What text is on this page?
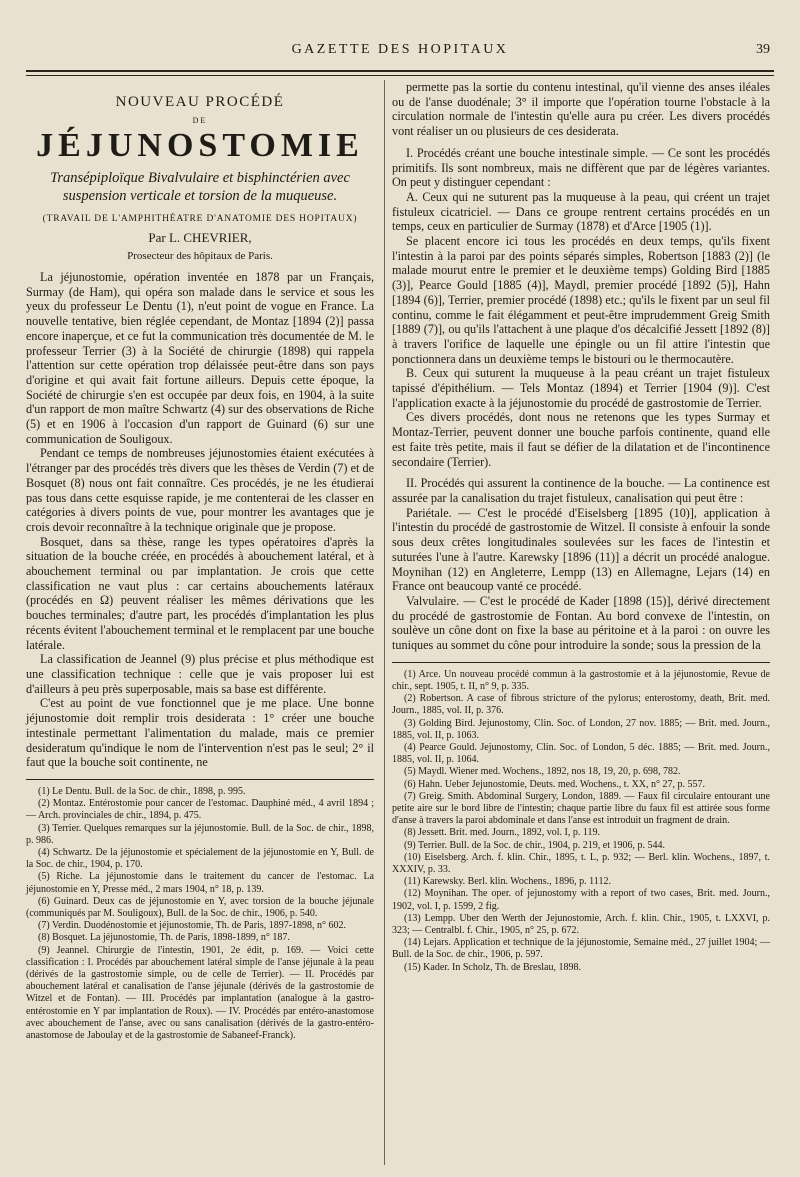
GAZETTE DES HOPITAUX	39
NOUVEAU PROCÉDÉ
DE
JÉJUNOSTOMIE
Transépiploïque Bivalvulaire et bisphinctérien avec suspension verticale et torsion de la muqueuse.
(TRAVAIL DE L'AMPHITHÉATRE D'ANATOMIE DES HOPITAUX)
Par L. CHEVRIER,
Prosecteur des hôpitaux de Paris.

La jéjunostomie, opération inventée en 1878 par un Français, Surmay (de Ham), qui opéra son malade dans le service et sous les yeux du professeur Le Dentu (1), n'eut point de vogue en France. La nouvelle tentative, bien réglée cependant, de Montaz [1894 (2)] passa encore inaperçue, et ce fut la communication très documentée de M. le professeur Terrier (3) à la Société de chirurgie (1898) qui rappela l'attention sur cette opération trop délaissée peut-être dans son pays d'origine et qui avait fait fortune ailleurs. Depuis cette époque, la Société de chirurgie s'en est occupée par deux fois, en 1904, à la suite d'un rapport de mon maître Schwartz (4) sur des observations de Riche (5) et en 1906 à l'occasion d'un rapport de Guinard (6) sur une communication de Souligoux.

Pendant ce temps de nombreuses jéjunostomies étaient exécutées à l'étranger par des procédés très divers que les thèses de Verdin (7) et de Bosquet (8) nous ont fait connaître. Ces procédés, je ne les étudierai pas tous dans cette esquisse rapide, je me contenterai de les classer en catégories à divers points de vue, pour montrer les avantages que je crois devoir reconnaître à la technique originale que je propose.

Bosquet, dans sa thèse, range les types opératoires d'après la situation de la bouche créée, en procédés à abouchement latéral, et à abouchement terminal ou par implantation. Je crois que cette classification ne vaut plus : car certains abouchements latéraux (procédés en Ω) peuvent réaliser les mêmes dérivations que les bouches terminales; d'autre part, les procédés d'implantation les plus récents évitent l'abouchement terminal et le remplacent par une bouche latérale.

La classification de Jeannel (9) plus précise et plus méthodique est une classification technique : celle que je vais proposer lui est d'ailleurs à peu près superposable, mais sa base est différente.

C'est au point de vue fonctionnel que je me place. Une bonne jéjunostomie doit remplir trois desiderata : 1° créer une bouche intestinale permettant l'alimentation du malade, mais ce premier desideratum qu'indique le nom de l'intervention n'est pas le seul; 2° il faut que la bouche soit continente, ne

(1) Le Dentu. Bull. de la Soc. de chir., 1898, p. 995.

(2) Montaz. Entérostomie pour cancer de l'estomac. Dauphiné méd., 4 avril 1894 ; — Arch. provinciales de chir., 1894, p. 475.

(3) Terrier. Quelques remarques sur la jéjunostomie. Bull. de la Soc. de chir., 1898, p. 986.

(4) Schwartz. De la jéjunostomie et spécialement de la jéjunostomie en Y, Bull. de la Soc. de chir., 1904, p. 170.

(5) Riche. La jéjunostomie dans le traitement du cancer de l'estomac. La jéjunostomie en Y, Presse méd., 2 mars 1904, n° 18, p. 139.

(6) Guinard. Deux cas de jéjunostomie en Y, avec torsion de la bouche jéjunale (communiqués par M. Souligoux), Bull. de la Soc. de chir., 1906, p. 540.

(7) Verdin. Duodénostomie et jéjunostomie, Th. de Paris, 1897-1898, n° 602.

(8) Bosquet. La jéjunostomie, Th. de Paris, 1898-1899, n° 187.

(9) Jeannel. Chirurgie de l'intestin, 1901, 2e édit, p. 169. — Voici cette classification : I. Procédés par abouchement latéral simple de l'anse jéjunale à la peau (dérivés de la gastrostomie simple, ou de celle de Terrier). — II. Procédés par abouchement latéral et canalisation de l'anse jéjunale (dérivés de la gastrostomie de Witzel et de Fontan). — III. Procédés par implantation (analogue à la gastro-entérostomie en Y par implantation de Roux). — IV. Procédés par entéro-anastomose avec abouchement de l'anse, avec ou sans canalisation (dérivés de la gastro-entéro-anastomose de Jaboulay et de la gastrostomie de Sabaneef-Franck).

permette pas la sortie du contenu intestinal, qu'il vienne des anses iléales ou de l'anse duodénale; 3° il importe que l'opération tourne l'obstacle à la circulation normale de l'intestin qu'elle aura pu créer. Les divers procédés vont réaliser un ou plusieurs de ces desiderata.

I. Procédés créant une bouche intestinale simple. — Ce sont les procédés primitifs. Ils sont nombreux, mais ne diffèrent que par de légères variantes. On peut y distinguer cependant :

A. Ceux qui ne suturent pas la muqueuse à la peau, qui créent un trajet fistuleux cicatriciel. — Dans ce groupe rentrent certains procédés en un temps, ceux en particulier de Surmay (1878) et d'Arce [1905 (1)].

Se placent encore ici tous les procédés en deux temps, qu'ils fixent l'intestin à la paroi par des points séparés simples, Robertson [1883 (2)] (le malade mourut entre le premier et le deuxième temps) Golding Bird [1885 (3)], Pearce Gould [1885 (4)], Maydl, premier procédé [1892 (5)], Hahn [1894 (6)], Terrier, premier procédé (1898) etc.; qu'ils le fixent par un seul fil continu, comme le fait élégamment et peut-être imprudemment Greig Smith [1889 (7)], ou qu'ils l'attachent à une plaque d'os décalcifié Jessett [1892 (8)] à travers l'orifice de laquelle une épingle ou un fil attire l'intestin que ponctionnera dans un deuxième temps le bistouri ou le thermocautère.

B. Ceux qui suturent la muqueuse à la peau créant un trajet fistuleux tapissé d'épithélium. — Tels Montaz (1894) et Terrier [1904 (9)]. C'est l'application exacte à la jéjunostomie du procédé de gastrostomie de Terrier.

Ces divers procédés, dont nous ne retenons que les types Surmay et Montaz-Terrier, peuvent donner une bouche parfois continente, quand elle est faite très petite, mais il faut se défier de la dilatation et de l'incontinence secondaire (Terrier).

II. Procédés qui assurent la continence de la bouche. — La continence est assurée par la canalisation du trajet fistuleux, canalisation qui peut être :

Pariétale. — C'est le procédé d'Eiselsberg [1895 (10)], application à l'intestin du procédé de gastrostomie de Witzel. Il consiste à enfouir la sonde sous deux crêtes longitudinales soulevées sur les faces de l'intestin et suturées l'une à l'autre. Karewsky [1896 (11)] a décrit un procédé analogue. Moynihan (12) en Angleterre, Lempp (13) en Allemagne, Lejars (14) en France ont beaucoup vanté ce procédé.

Valvulaire. — C'est le procédé de Kader [1898 (15)], dérivé directement du procédé de gastrostomie de Fontan. Au bord convexe de l'intestin, on soulève un cône dont on fixe la base au péritoine et à la paroi : on ouvre les tuniques au sommet du cône pour introduire la sonde; sous la pression de la

(1) Arce. Un nouveau procédé commun à la gastrostomie et à la jéjunostomie, Revue de chir., sept. 1905, t. II, n° 9, p. 335.

(2) Robertson. A case of fibrous stricture of the pylorus; enterostomy, death, Brit. med. Journ., 1885, vol. II, p. 376.

(3) Golding Bird. Jejunostomy, Clin. Soc. of London, 27 nov. 1885; — Brit. med. Journ., 1885, vol. II, p. 1063.

(4) Pearce Gould. Jejunostomy, Clin. Soc. of London, 5 déc. 1885; — Brit. med. Journ., 1885, vol. II, p. 1064.

(5) Maydl. Wiener med. Wochens., 1892, nos 18, 19, 20, p. 698, 782.

(6) Hahn. Ueber Jejunostomie, Deuts. med. Wochens., t. XX, n° 27, p. 557.

(7) Greig. Smith. Abdominal Surgery, London, 1889. — Faux fil circulaire entourant une petite aire sur le bord libre de l'intestin; chaque partie libre du faux fil est attirée sous forme d'anse à travers la paroi abdominale et dans l'anse est introduit un fragment de drain.

(8) Jessett. Brit. med. Journ., 1892, vol. I, p. 119.

(9) Terrier. Bull. de la Soc. de chir., 1904, p. 219, et 1906, p. 544.

(10) Eiselsberg. Arch. f. klin. Chir., 1895, t. L, p. 932; — Berl. klin. Wochens., 1897, t. XXXIV, p. 33.

(11) Karewsky. Berl. klin. Wochens., 1896, p. 1112.

(12) Moynihan. The oper. of jejunostomy with a report of two cases, Brit. med. Journ., 1902, vol. I, p. 1599, 2 fig.

(13) Lempp. Uber den Werth der Jejunostomie, Arch. f. klin. Chir., 1905, t. LXXVI, p. 323; — Centralbl. f. Chir., 1905, n° 25, p. 672.

(14) Lejars. Application et technique de la jéjunostomie, Semaine méd., 27 juillet 1904; — Bull. de la Soc. de chir., 1906, p. 597.

(15) Kader. In Scholz, Th. de Breslau, 1898.
